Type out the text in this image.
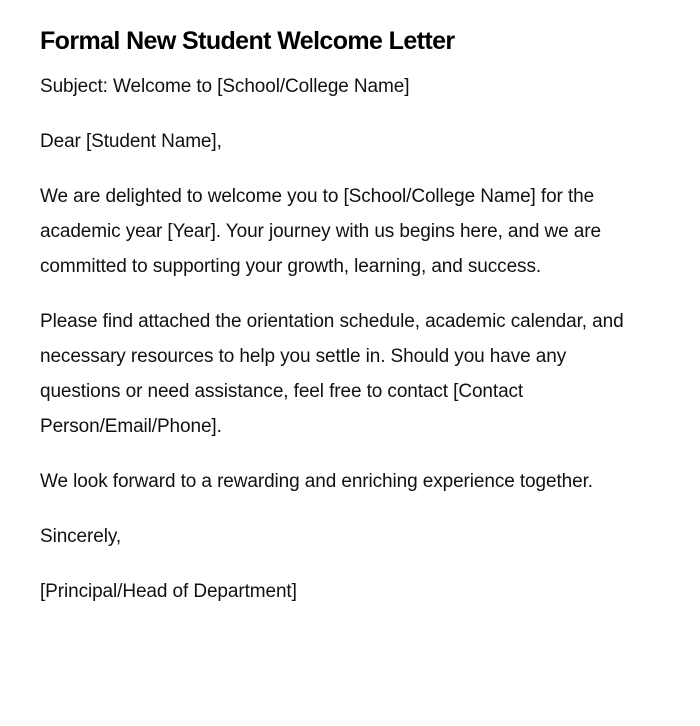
Formal New Student Welcome Letter

Subject: Welcome to [School/College Name]

Dear [Student Name],

We are delighted to welcome you to [School/College Name] for the academic year [Year]. Your journey with us begins here, and we are committed to supporting your growth, learning, and success.

Please find attached the orientation schedule, academic calendar, and necessary resources to help you settle in. Should you have any questions or need assistance, feel free to contact [Contact Person/Email/Phone].

We look forward to a rewarding and enriching experience together.

Sincerely,

[Principal/Head of Department]
